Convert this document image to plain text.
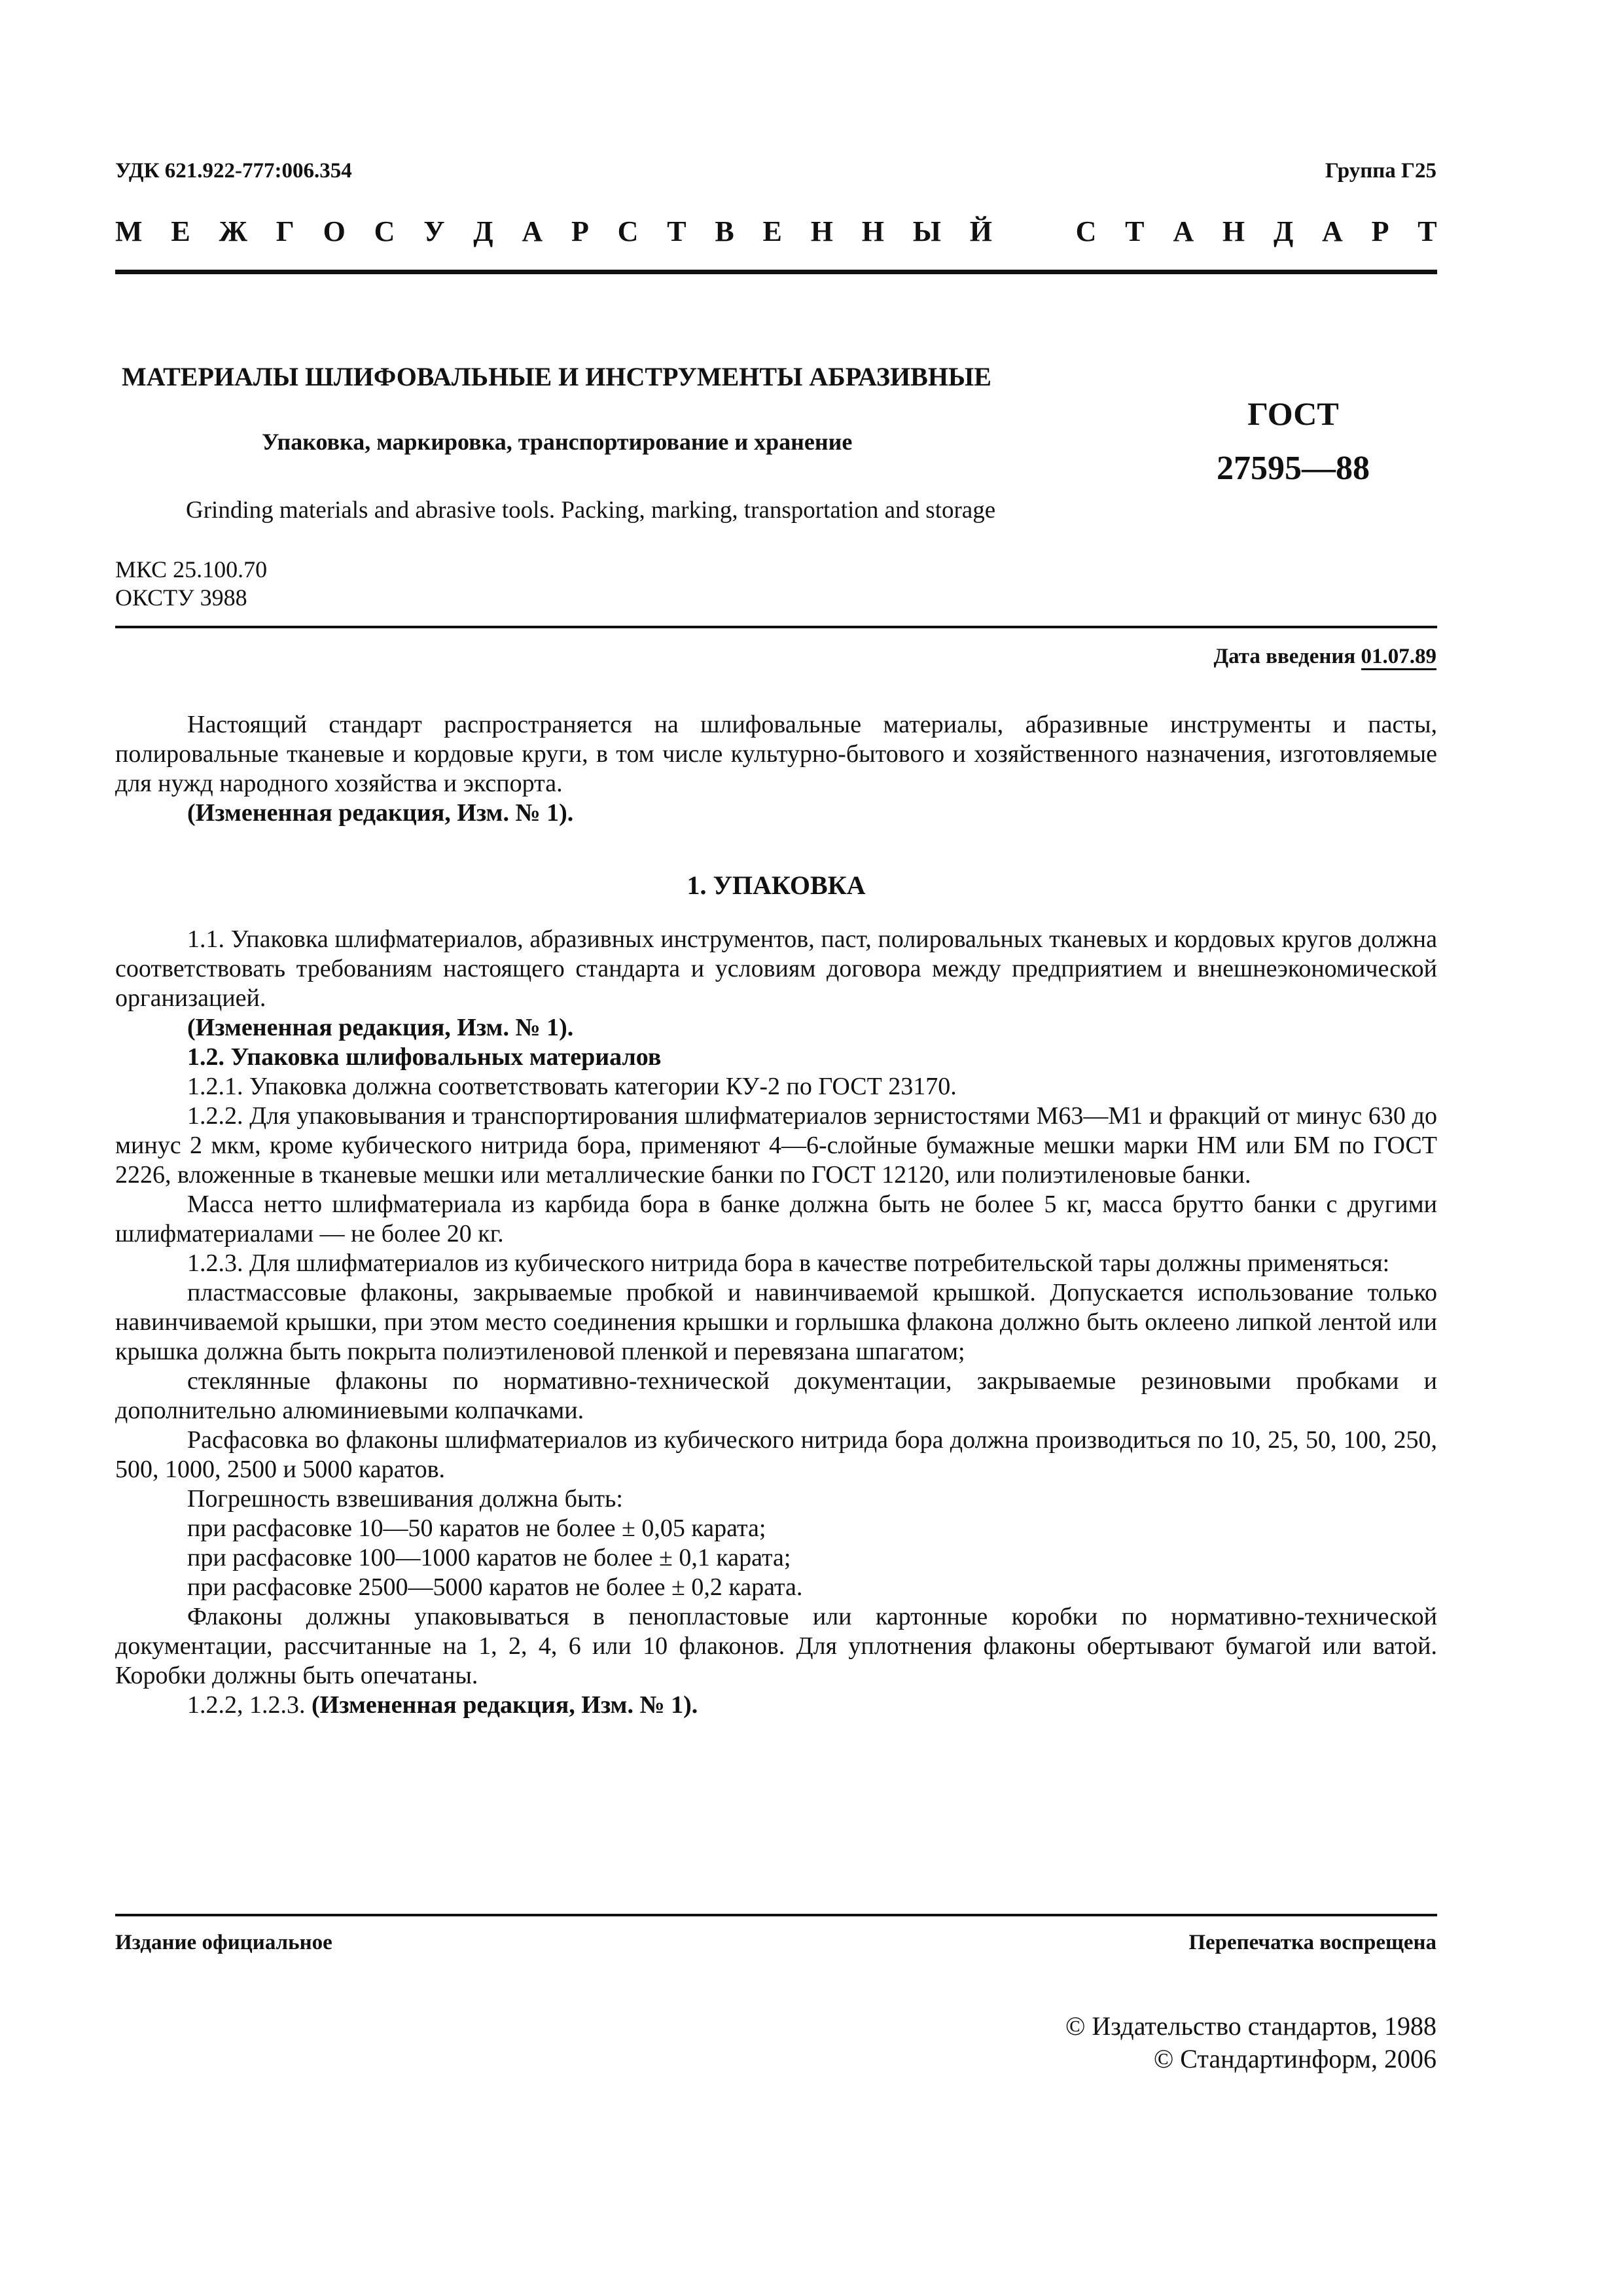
УДК 621.922-777:006.354	Группа Г25
М Е Ж Г О С У Д А Р С Т В Е Н Н Ы Й	С Т А Н Д А Р Т
МАТЕРИАЛЫ ШЛИФОВАЛЬНЫЕ И ИНСТРУМЕНТЫ АБРАЗИВНЫЕ
Упаковка, маркировка, транспортирование и хранение
Grinding materials and abrasive tools. Packing, marking, transportation and storage
ГОСТ
27595—88
МКС 25.100.70
ОКСТУ 3988
Дата введения 01.07.89

Настоящий стандарт распространяется на шлифовальные материалы, абразивные инструменты и пасты, полировальные тканевые и кордовые круги, в том числе культурно-бытового и хозяйственного назначения, изготовляемые для нужд народного хозяйства и экспорта.

(Измененная редакция, Изм. № 1).

1. УПАКОВКА

1.1. Упаковка шлифматериалов, абразивных инструментов, паст, полировальных тканевых и кордовых кругов должна соответствовать требованиям настоящего стандарта и условиям договора между предприятием и внешнеэкономической организацией.

(Измененная редакция, Изм. № 1).

1.2. Упаковка шлифовальных материалов

1.2.1. Упаковка должна соответствовать категории КУ-2 по ГОСТ 23170.

1.2.2. Для упаковывания и транспортирования шлифматериалов зернистостями М63—М1 и фракций от минус 630 до минус 2 мкм, кроме кубического нитрида бора, применяют 4—6-слойные бумажные мешки марки НМ или БМ по ГОСТ 2226, вложенные в тканевые мешки или металлические банки по ГОСТ 12120, или полиэтиленовые банки.

Масса нетто шлифматериала из карбида бора в банке должна быть не более 5 кг, масса брутто банки с другими шлифматериалами — не более 20 кг.

1.2.3. Для шлифматериалов из кубического нитрида бора в качестве потребительской тары должны применяться:

пластмассовые флаконы, закрываемые пробкой и навинчиваемой крышкой. Допускается использование только навинчиваемой крышки, при этом место соединения крышки и горлышка флакона должно быть оклеено липкой лентой или крышка должна быть покрыта полиэтиленовой пленкой и перевязана шпагатом;

стеклянные флаконы по нормативно-технической документации, закрываемые резиновыми пробками и дополнительно алюминиевыми колпачками.

Расфасовка во флаконы шлифматериалов из кубического нитрида бора должна производиться по 10, 25, 50, 100, 250, 500, 1000, 2500 и 5000 каратов.

Погрешность взвешивания должна быть:

при расфасовке 10—50 каратов не более ± 0,05 карата;

при расфасовке 100—1000 каратов не более ± 0,1 карата;

при расфасовке 2500—5000 каратов не более ± 0,2 карата.

Флаконы должны упаковываться в пенопластовые или картонные коробки по нормативно-технической документации, рассчитанные на 1, 2, 4, 6 или 10 флаконов. Для уплотнения флаконы обертывают бумагой или ватой. Коробки должны быть опечатаны.

1.2.2, 1.2.3. (Измененная редакция, Изм. № 1).

Издание официальное	Перепечатка воспрещена
© Издательство стандартов, 1988
© Стандартинформ, 2006
